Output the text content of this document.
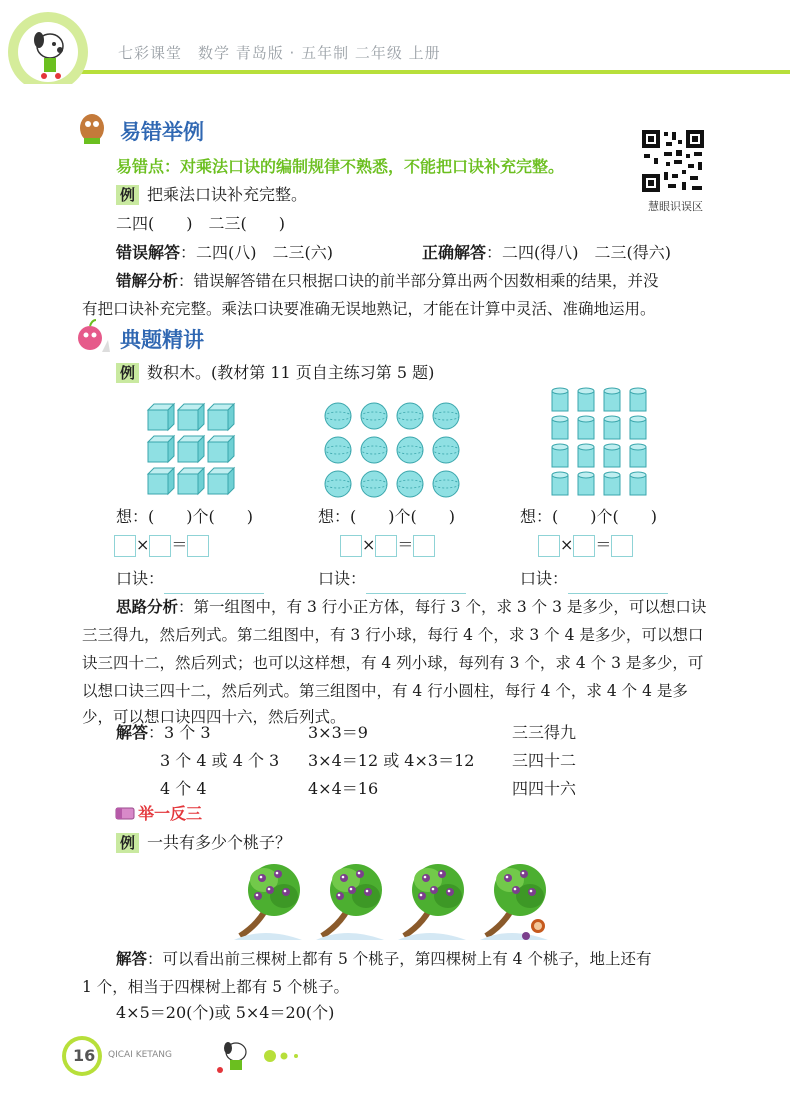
七彩课堂　数学 青岛版 · 五年制 二年级 上册
易错举例
易错点：对乘法口诀的编制规律不熟悉，不能把口诀补充完整。
例 把乘法口诀补充完整。
二四(　　)　二三(　　)
错误解答：二四(八)　二三(六)	正确解答：二四(得八)　二三(得六)
错解分析：错误解答错在只根据口诀的前半部分算出两个因数相乘的结果，并没
有把口诀补充完整。乘法口诀要准确无误地熟记，才能在计算中灵活、准确地运用。
慧眼识误区
典题精讲
例 数积木。(教材第 11 页自主练习第 5 题)
想：(　　)个(　　)	想：(　　)个(　　)	想：(　　)个(　　)
× ＝	× ＝	× ＝
口诀：	口诀：	口诀：
思路分析：第一组图中，有 3 行小正方体，每行 3 个，求 3 个 3 是多少，可以想口诀
三三得九，然后列式。第二组图中，有 3 行小球，每行 4 个，求 3 个 4 是多少，可以想口
诀三四十二，然后列式；也可以这样想，有 4 列小球，每列有 3 个，求 4 个 3 是多少，可
以想口诀三四十二，然后列式。第三组图中，有 4 行小圆柱，每行 4 个，求 4 个 4 是多
少，可以想口诀四四十六，然后列式。
解答：3 个 3	3×3＝9	三三得九
3 个 4 或 4 个 3 3×4＝12 或 4×3＝12 三四十二
4 个 4	4×4＝16	四四十六
举一反三
例 一共有多少个桃子？
解答：可以看出前三棵树上都有 5 个桃子，第四棵树上有 4 个桃子，地上还有
1 个，相当于四棵树上都有 5 个桃子。
4×5＝20(个)或 5×4＝20(个)
16 QICAI KETANG
